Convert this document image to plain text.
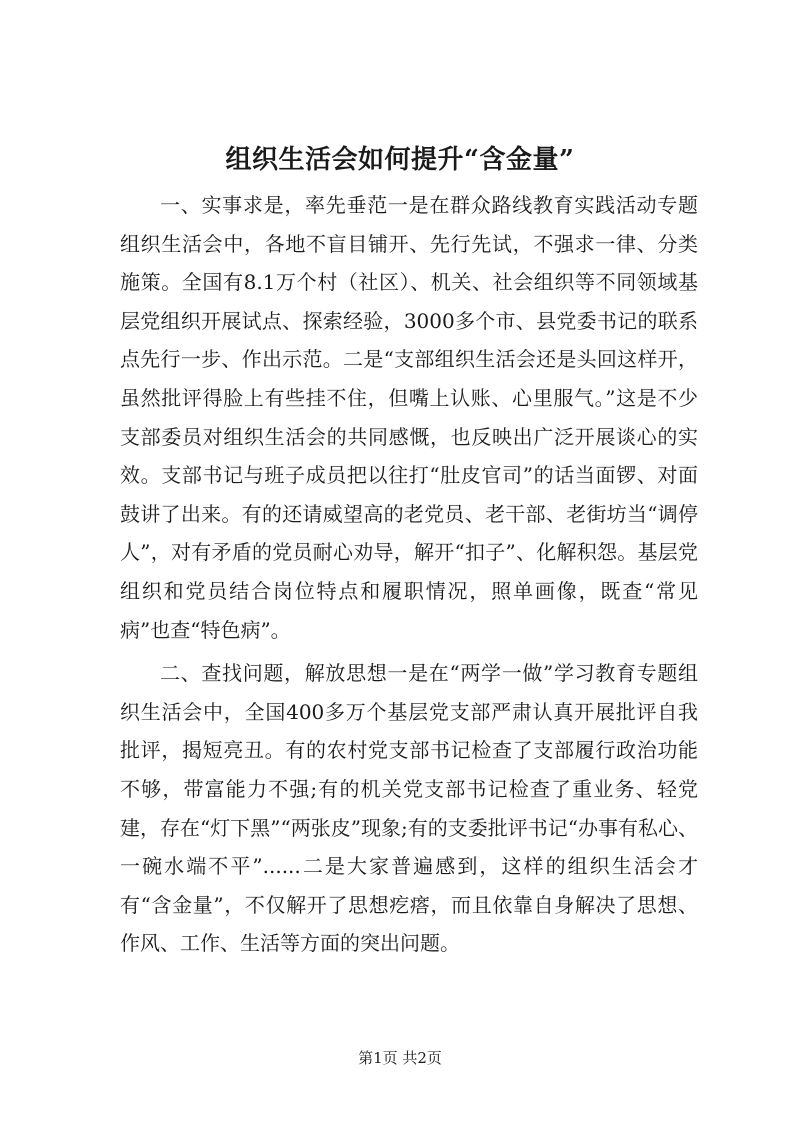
组织生活会如何提升“含金量”

一、实事求是，率先垂范一是在群众路线教育实践活动专题组织生活会中，各地不盲目铺开、先行先试，不强求一律、分类施策。全国有8.1万个村（社区）、机关、社会组织等不同领域基层党组织开展试点、探索经验，3000多个市、县党委书记的联系点先行一步、作出示范。二是“支部组织生活会还是头回这样开，虽然批评得脸上有些挂不住，但嘴上认账、心里服气。”这是不少支部委员对组织生活会的共同感慨，也反映出广泛开展谈心的实效。支部书记与班子成员把以往打“肚皮官司”的话当面锣、对面鼓讲了出来。有的还请威望高的老党员、老干部、老街坊当“调停人”，对有矛盾的党员耐心劝导，解开“扣子”、化解积怨。基层党组织和党员结合岗位特点和履职情况，照单画像，既查“常见病”也查“特色病”。

二、查找问题，解放思想一是在“两学一做”学习教育专题组织生活会中，全国400多万个基层党支部严肃认真开展批评自我批评，揭短亮丑。有的农村党支部书记检查了支部履行政治功能不够，带富能力不强;有的机关党支部书记检查了重业务、轻党建，存在“灯下黑”“两张皮”现象;有的支委批评书记“办事有私心、一碗水端不平”......二是大家普遍感到，这样的组织生活会才有“含金量”，不仅解开了思想疙瘩，而且依靠自身解决了思想、作风、工作、生活等方面的突出问题。

第1页 共2页
